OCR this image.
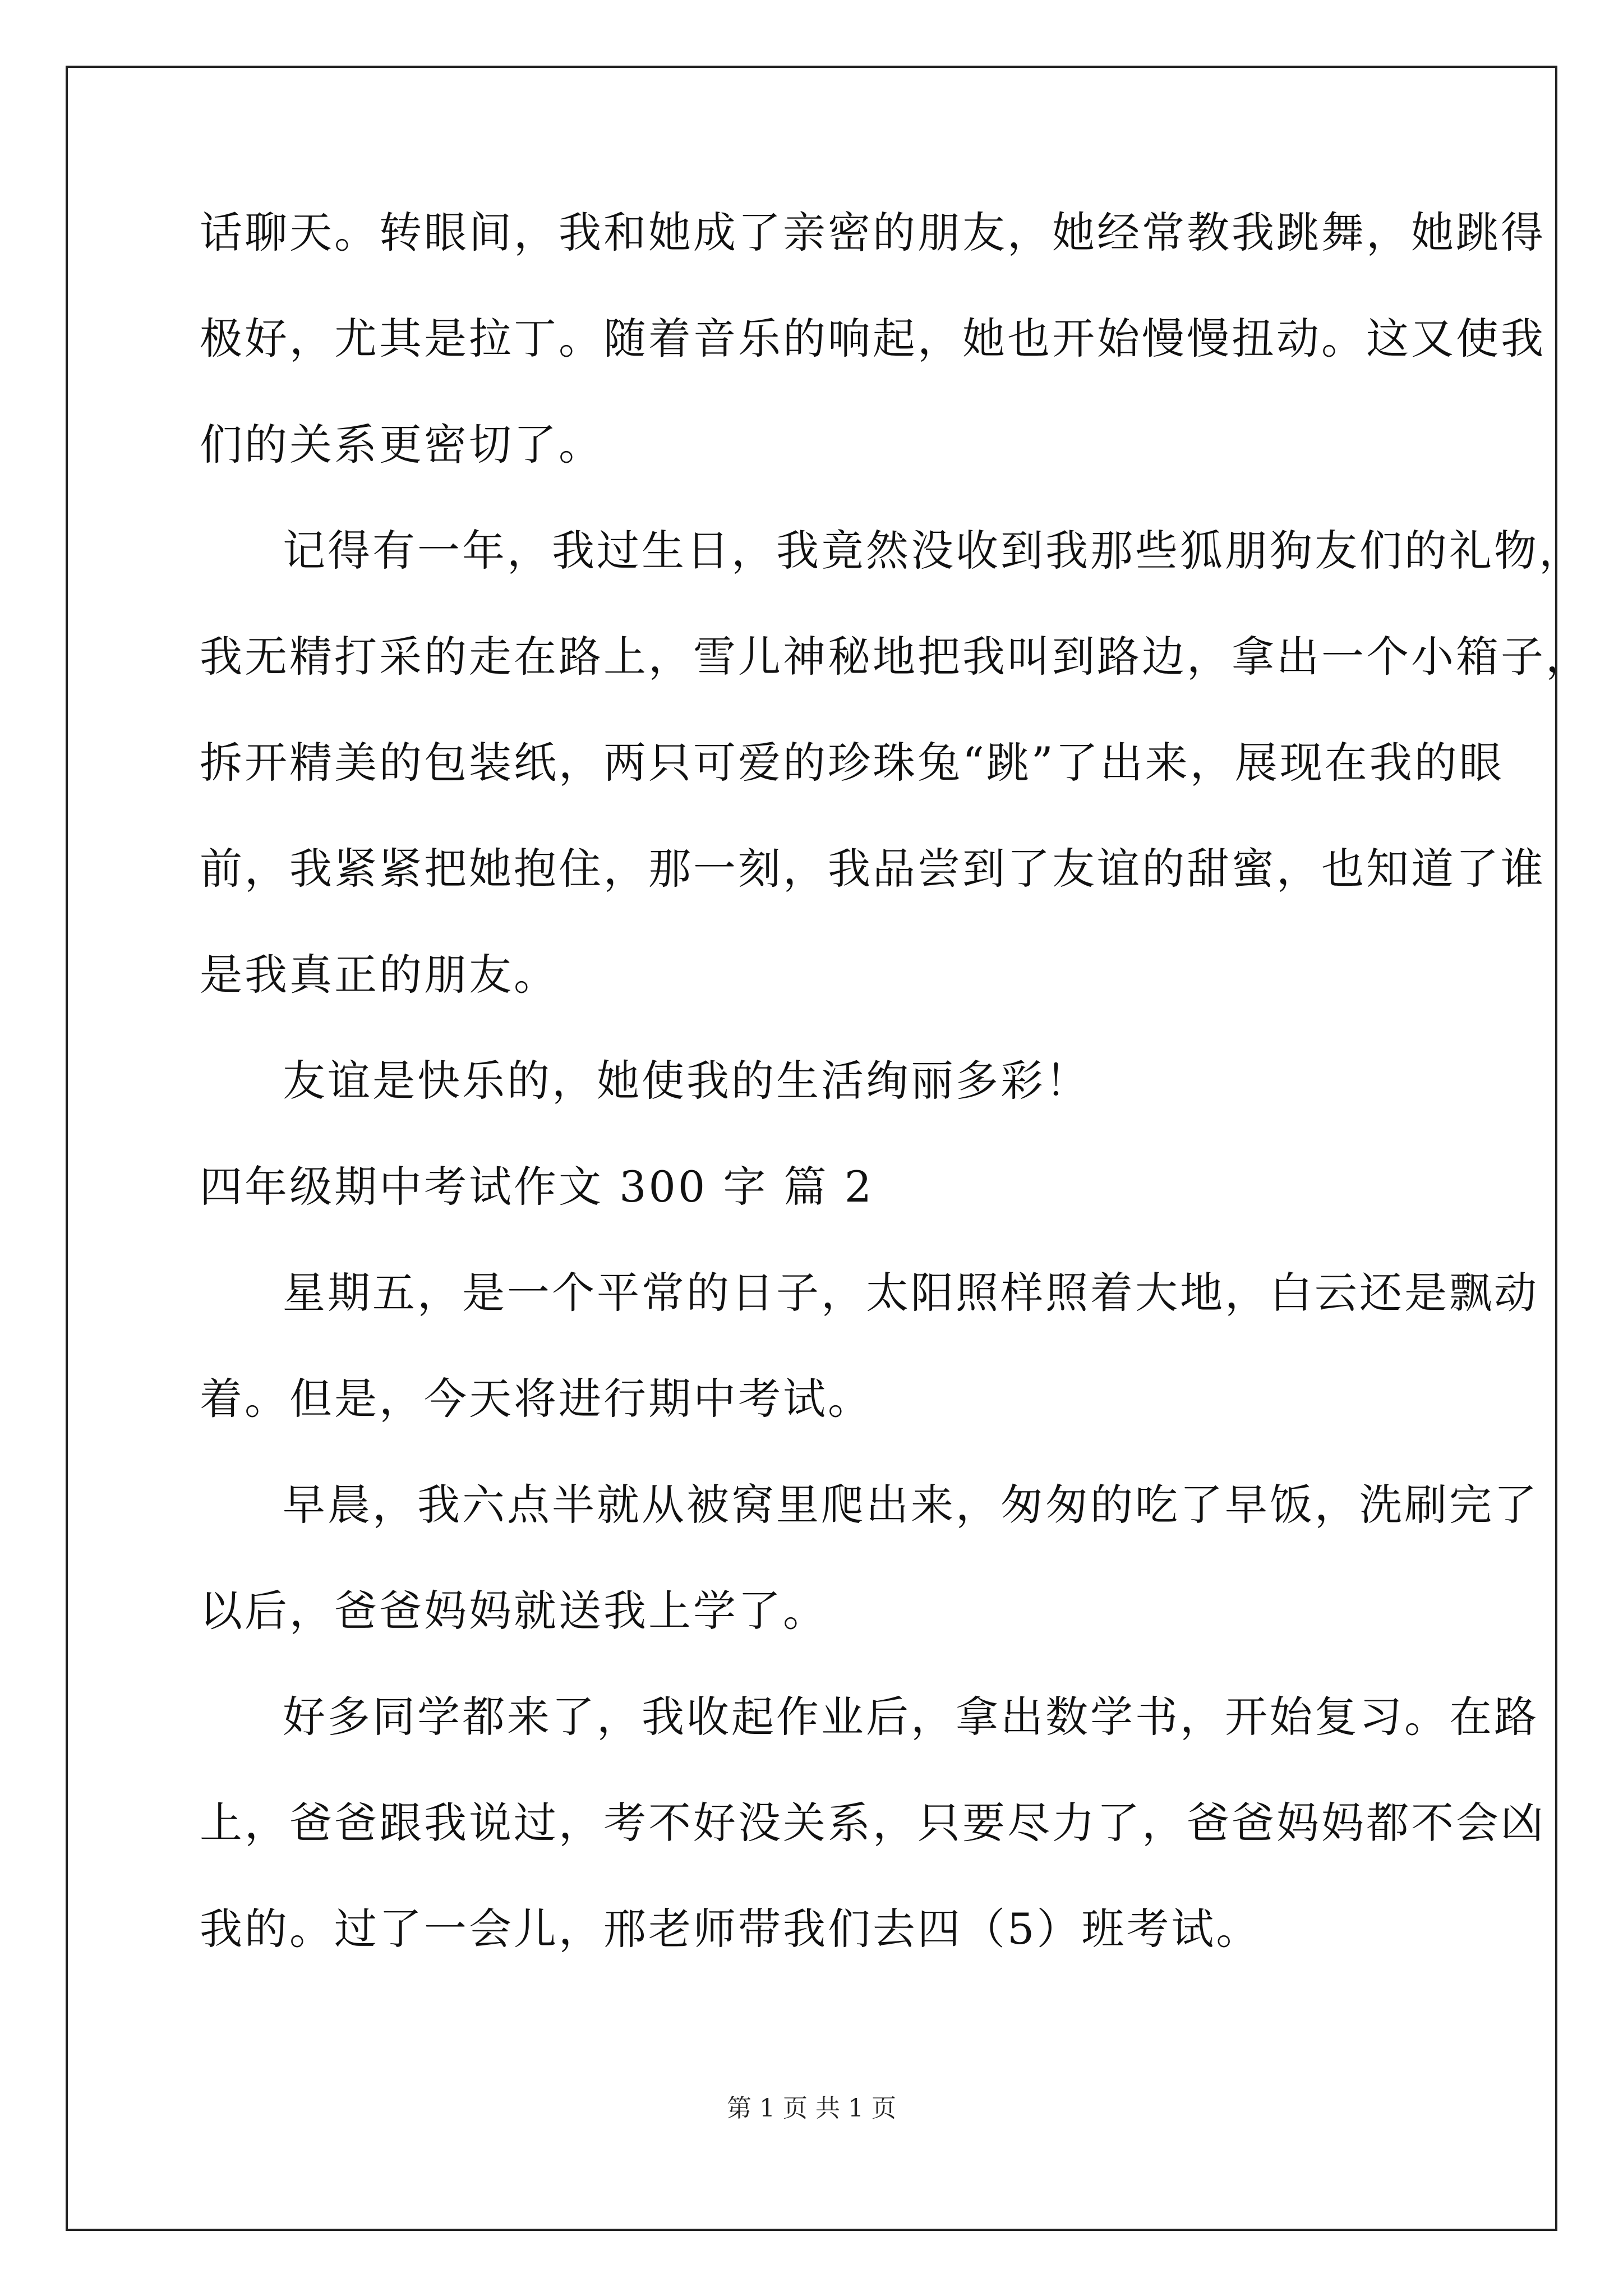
话聊天。转眼间，我和她成了亲密的朋友，她经常教我跳舞，她跳得
极好，尤其是拉丁。随着音乐的响起，她也开始慢慢扭动。这又使我
们的关系更密切了。
记得有一年，我过生日，我竟然没收到我那些狐朋狗友们的礼物，
我无精打采的走在路上，雪儿神秘地把我叫到路边，拿出一个小箱子，
拆开精美的包装纸，两只可爱的珍珠兔“跳”了出来，展现在我的眼
前，我紧紧把她抱住，那一刻，我品尝到了友谊的甜蜜，也知道了谁
是我真正的朋友。
友谊是快乐的，她使我的生活绚丽多彩！
四年级期中考试作文 300 字 篇 2
星期五，是一个平常的日子，太阳照样照着大地，白云还是飘动
着。但是，今天将进行期中考试。
早晨，我六点半就从被窝里爬出来，匆匆的吃了早饭，洗刷完了
以后，爸爸妈妈就送我上学了。
好多同学都来了，我收起作业后，拿出数学书，开始复习。在路
上，爸爸跟我说过，考不好没关系，只要尽力了，爸爸妈妈都不会凶
我的。过了一会儿，邢老师带我们去四（5）班考试。
第 1 页 共 1 页
